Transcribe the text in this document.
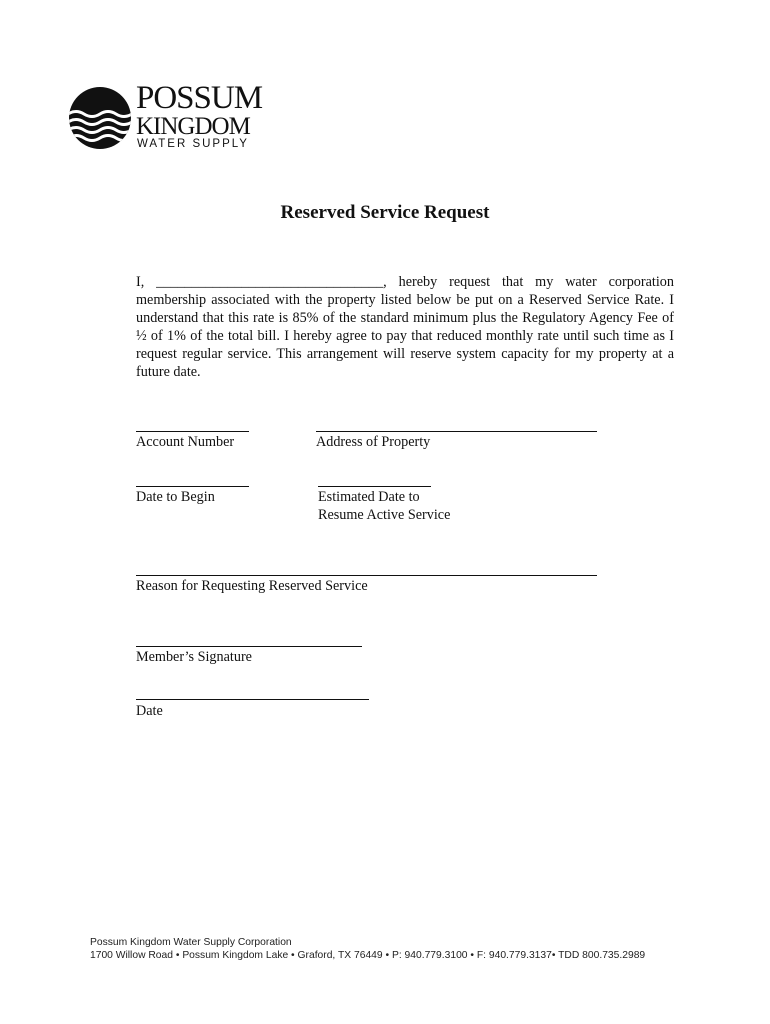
POSSUM
KINGDOM
WATER SUPPLY
Reserved Service Request

I, ________________________________, hereby request that my water corporation membership associated with the property listed below be put on a Reserved Service Rate. I understand that this rate is 85% of the standard minimum plus the Regulatory Agency Fee of ½ of 1% of the total bill. I hereby agree to pay that reduced monthly rate until such time as I request regular service. This arrangement will reserve system capacity for my property at a future date.

Account Number	Address of Property
Date to Begin	Estimated Date to
Resume Active Service
Reason for Requesting Reserved Service
Member’s Signature
Date
Possum Kingdom Water Supply Corporation
1700 Willow Road • Possum Kingdom Lake • Graford, TX 76449 • P: 940.779.3100 • F: 940.779.3137• TDD 800.735.2989
